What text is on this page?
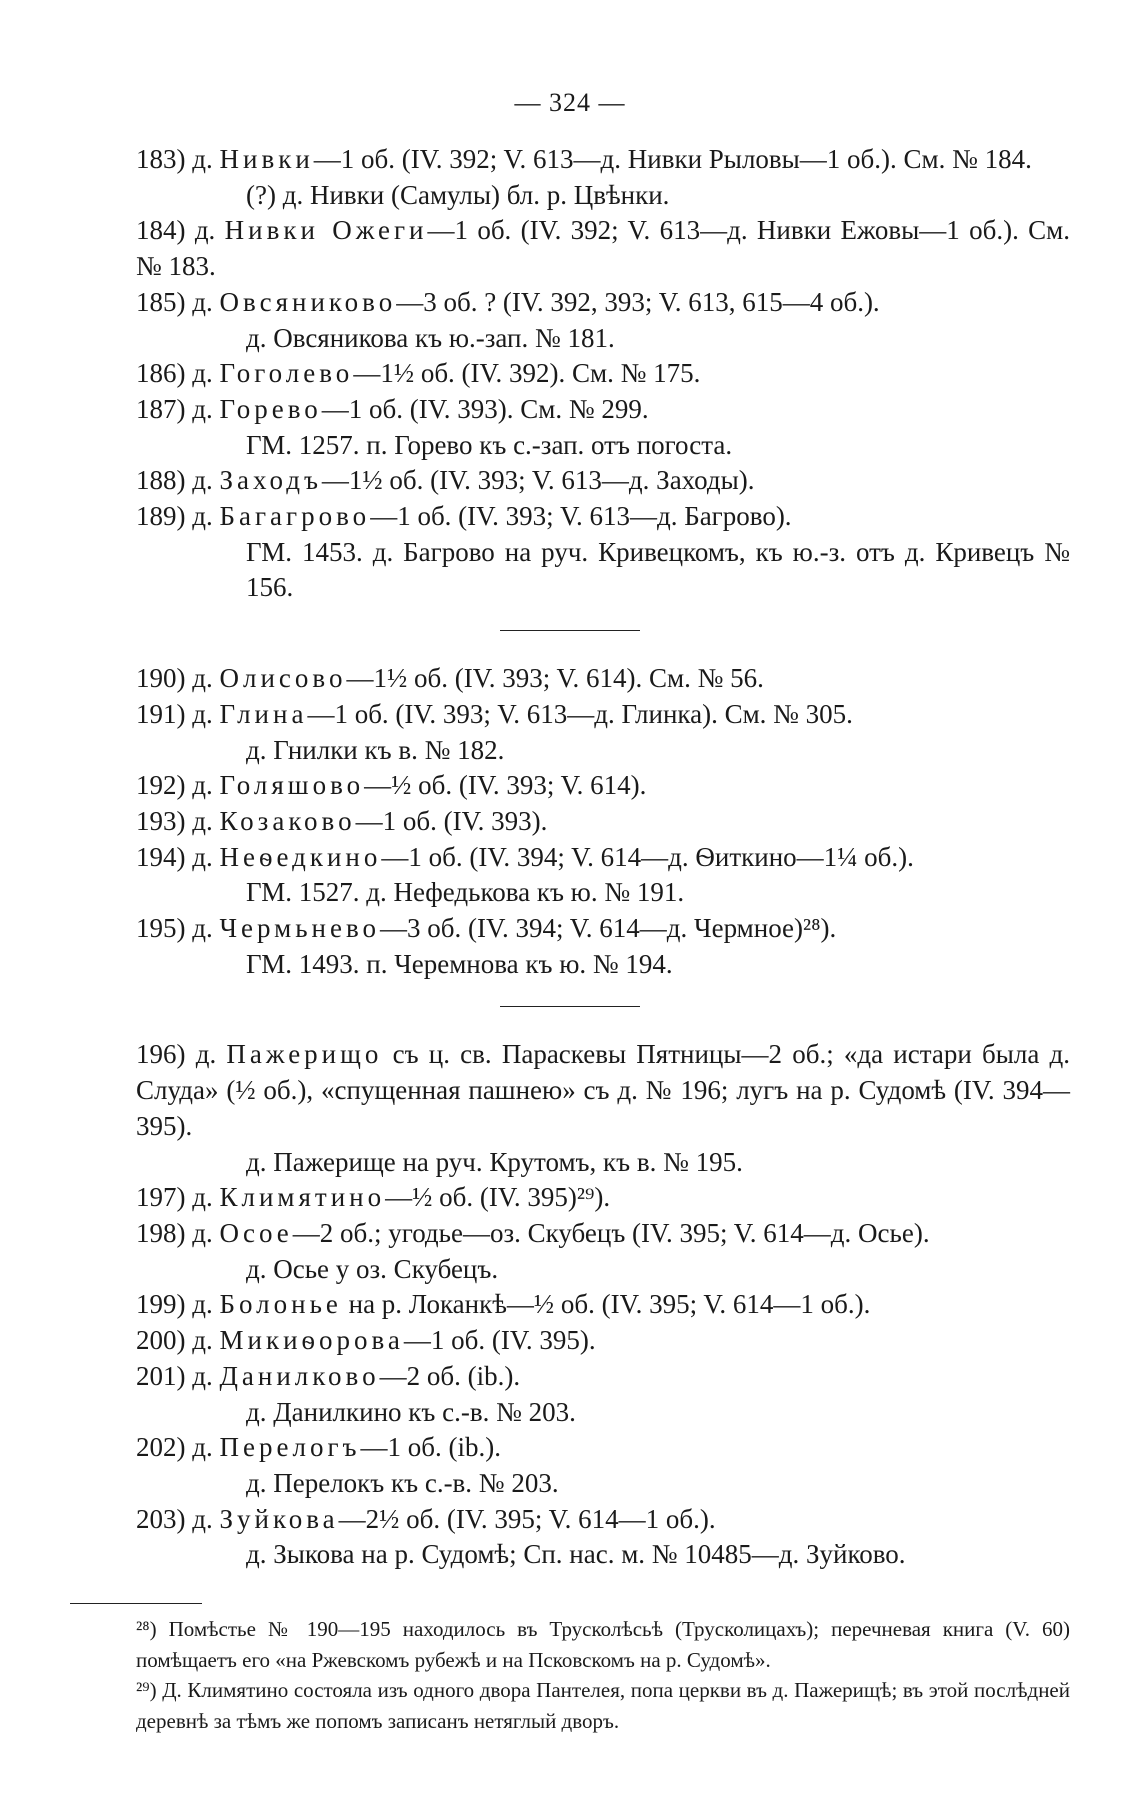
— 324 —
183) д. Нивки—1 об. (IV. 392; V. 613—д. Нивки Рыловы—1 об.). См. № 184.
(?) д. Нивки (Самулы) бл. р. Цвѣнки.
184) д. Нивки Ожеги—1 об. (IV. 392; V. 613—д. Нивки Ежовы—1 об.). См. № 183.
185) д. Овсяниково—3 об. ? (IV. 392, 393; V. 613, 615—4 об.).
д. Овсяникова къ ю.-зап. № 181.
186) д. Гоголево—1½ об. (IV. 392). См. № 175.
187) д. Горево—1 об. (IV. 393). См. № 299.
ГМ. 1257. п. Горево къ с.-зап. отъ погоста.
188) д. Заходъ—1½ об. (IV. 393; V. 613—д. Заходы).
189) д. Багагрово—1 об. (IV. 393; V. 613—д. Багрово).
ГМ. 1453. д. Багрово на руч. Кривецкомъ, къ ю.-з. отъ д. Кривецъ № 156.
190) д. Олисово—1½ об. (IV. 393; V. 614). См. № 56.
191) д. Глина—1 об. (IV. 393; V. 613—д. Глинка). См. № 305.
д. Гнилки къ в. № 182.
192) д. Голяшово—½ об. (IV. 393; V. 614).
193) д. Козаково—1 об. (IV. 393).
194) д. Неѳедкино—1 об. (IV. 394; V. 614—д. Ѳиткино—1¼ об.).
ГМ. 1527. д. Нефедькова къ ю. № 191.
195) д. Чермьнево—3 об. (IV. 394; V. 614—д. Чермное)²⁸).
ГМ. 1493. п. Черемнова къ ю. № 194.
196) д. Пажерищо съ ц. св. Параскевы Пятницы—2 об.; «да истари была д. Слуда» (½ об.), «спущенная пашнею» съ д. № 196; лугъ на р. Судомѣ (IV. 394—395).
д. Пажерище на руч. Крутомъ, къ в. № 195.
197) д. Климятино—½ об. (IV. 395)²⁹).
198) д. Осое—2 об.; угодье—оз. Скубецъ (IV. 395; V. 614—д. Осье).
д. Осье у оз. Скубецъ.
199) д. Болонье на р. Локанкѣ—½ об. (IV. 395; V. 614—1 об.).
200) д. Микиѳорова—1 об. (IV. 395).
201) д. Данилково—2 об. (ib.).
д. Данилкино къ с.-в. № 203.
202) д. Перелогъ—1 об. (ib.).
д. Перелокъ къ с.-в. № 203.
203) д. Зуйкова—2½ об. (IV. 395; V. 614—1 об.).
д. Зыкова на р. Судомѣ; Сп. нас. м. № 10485—д. Зуйково.
²⁸) Помѣстье № 190—195 находилось въ Трусколѣсьѣ (Трусколицахъ); перечневая книга (V. 60) помѣщаетъ его «на Ржевскомъ рубежѣ и на Псковскомъ на р. Судомѣ».
²⁹) Д. Климятино состояла изъ одного двора Пантелея, попа церкви въ д. Пажерищѣ; въ этой послѣдней деревнѣ за тѣмъ же попомъ записанъ нетяглый дворъ.
